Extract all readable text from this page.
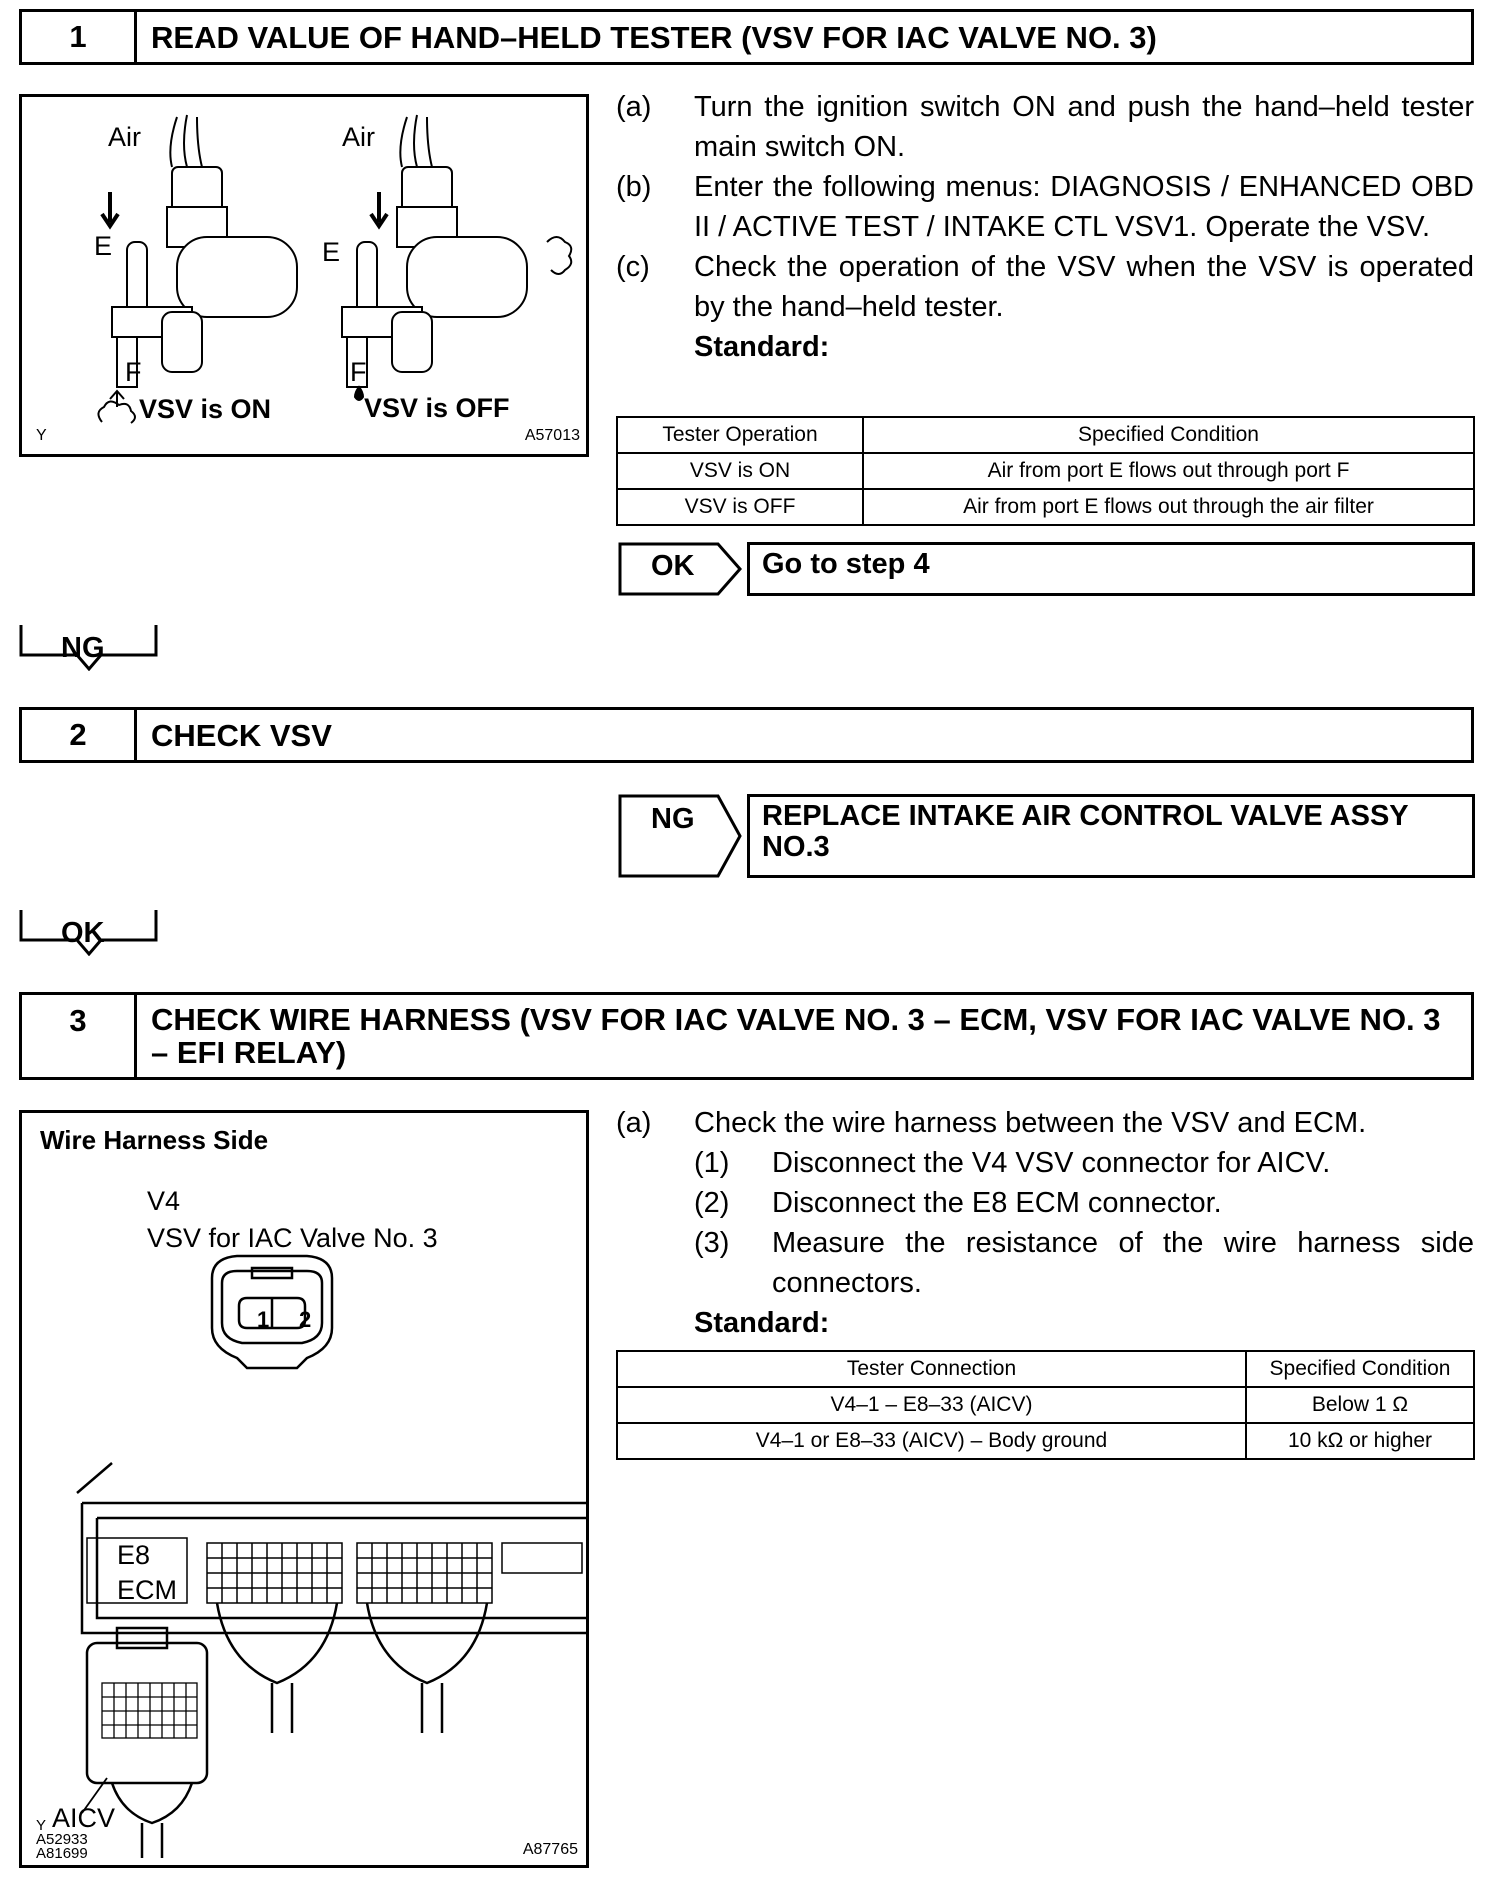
1	READ VALUE OF HAND–HELD TESTER (VSV FOR IAC VALVE NO. 3)
Air	Air
E	E
F	F
VSV is ON	VSV is OFF
Y	A57013
(a)	Turn the ignition switch ON and push the hand–held tester main switch ON.
(b)	Enter the following menus: DIAGNOSIS / ENHANCED OBD II / ACTIVE TEST / INTAKE CTL VSV1. Operate the VSV.
(c)	Check the operation of the VSV when the VSV is operated by the hand–held tester.
Standard:
Tester Operation	Specified Condition
VSV is ON	Air from port E flows out through port F
VSV is OFF	Air from port E flows out through the air filter
OK	Go to step 4
NG
2	CHECK VSV
NG	REPLACE INTAKE AIR CONTROL VALVE ASSY NO.3
OK
3	CHECK WIRE HARNESS (VSV FOR IAC VALVE NO. 3 – ECM, VSV FOR IAC VALVE NO. 3 – EFI RELAY)
Wire Harness Side
V4
VSV for IAC Valve No. 3
1 2
E8
ECM
AICV
Y
A52933
A81699	A87765
(a)	Check the wire harness between the VSV and ECM.
(1)	Disconnect the V4 VSV connector for AICV.
(2)	Disconnect the E8 ECM connector.
(3)	Measure the resistance of the wire harness side connectors.
Standard:
Tester Connection	Specified Condition
V4–1 – E8–33 (AICV)	Below 1 Ω
V4–1 or E8–33 (AICV) – Body ground	10 kΩ or higher
